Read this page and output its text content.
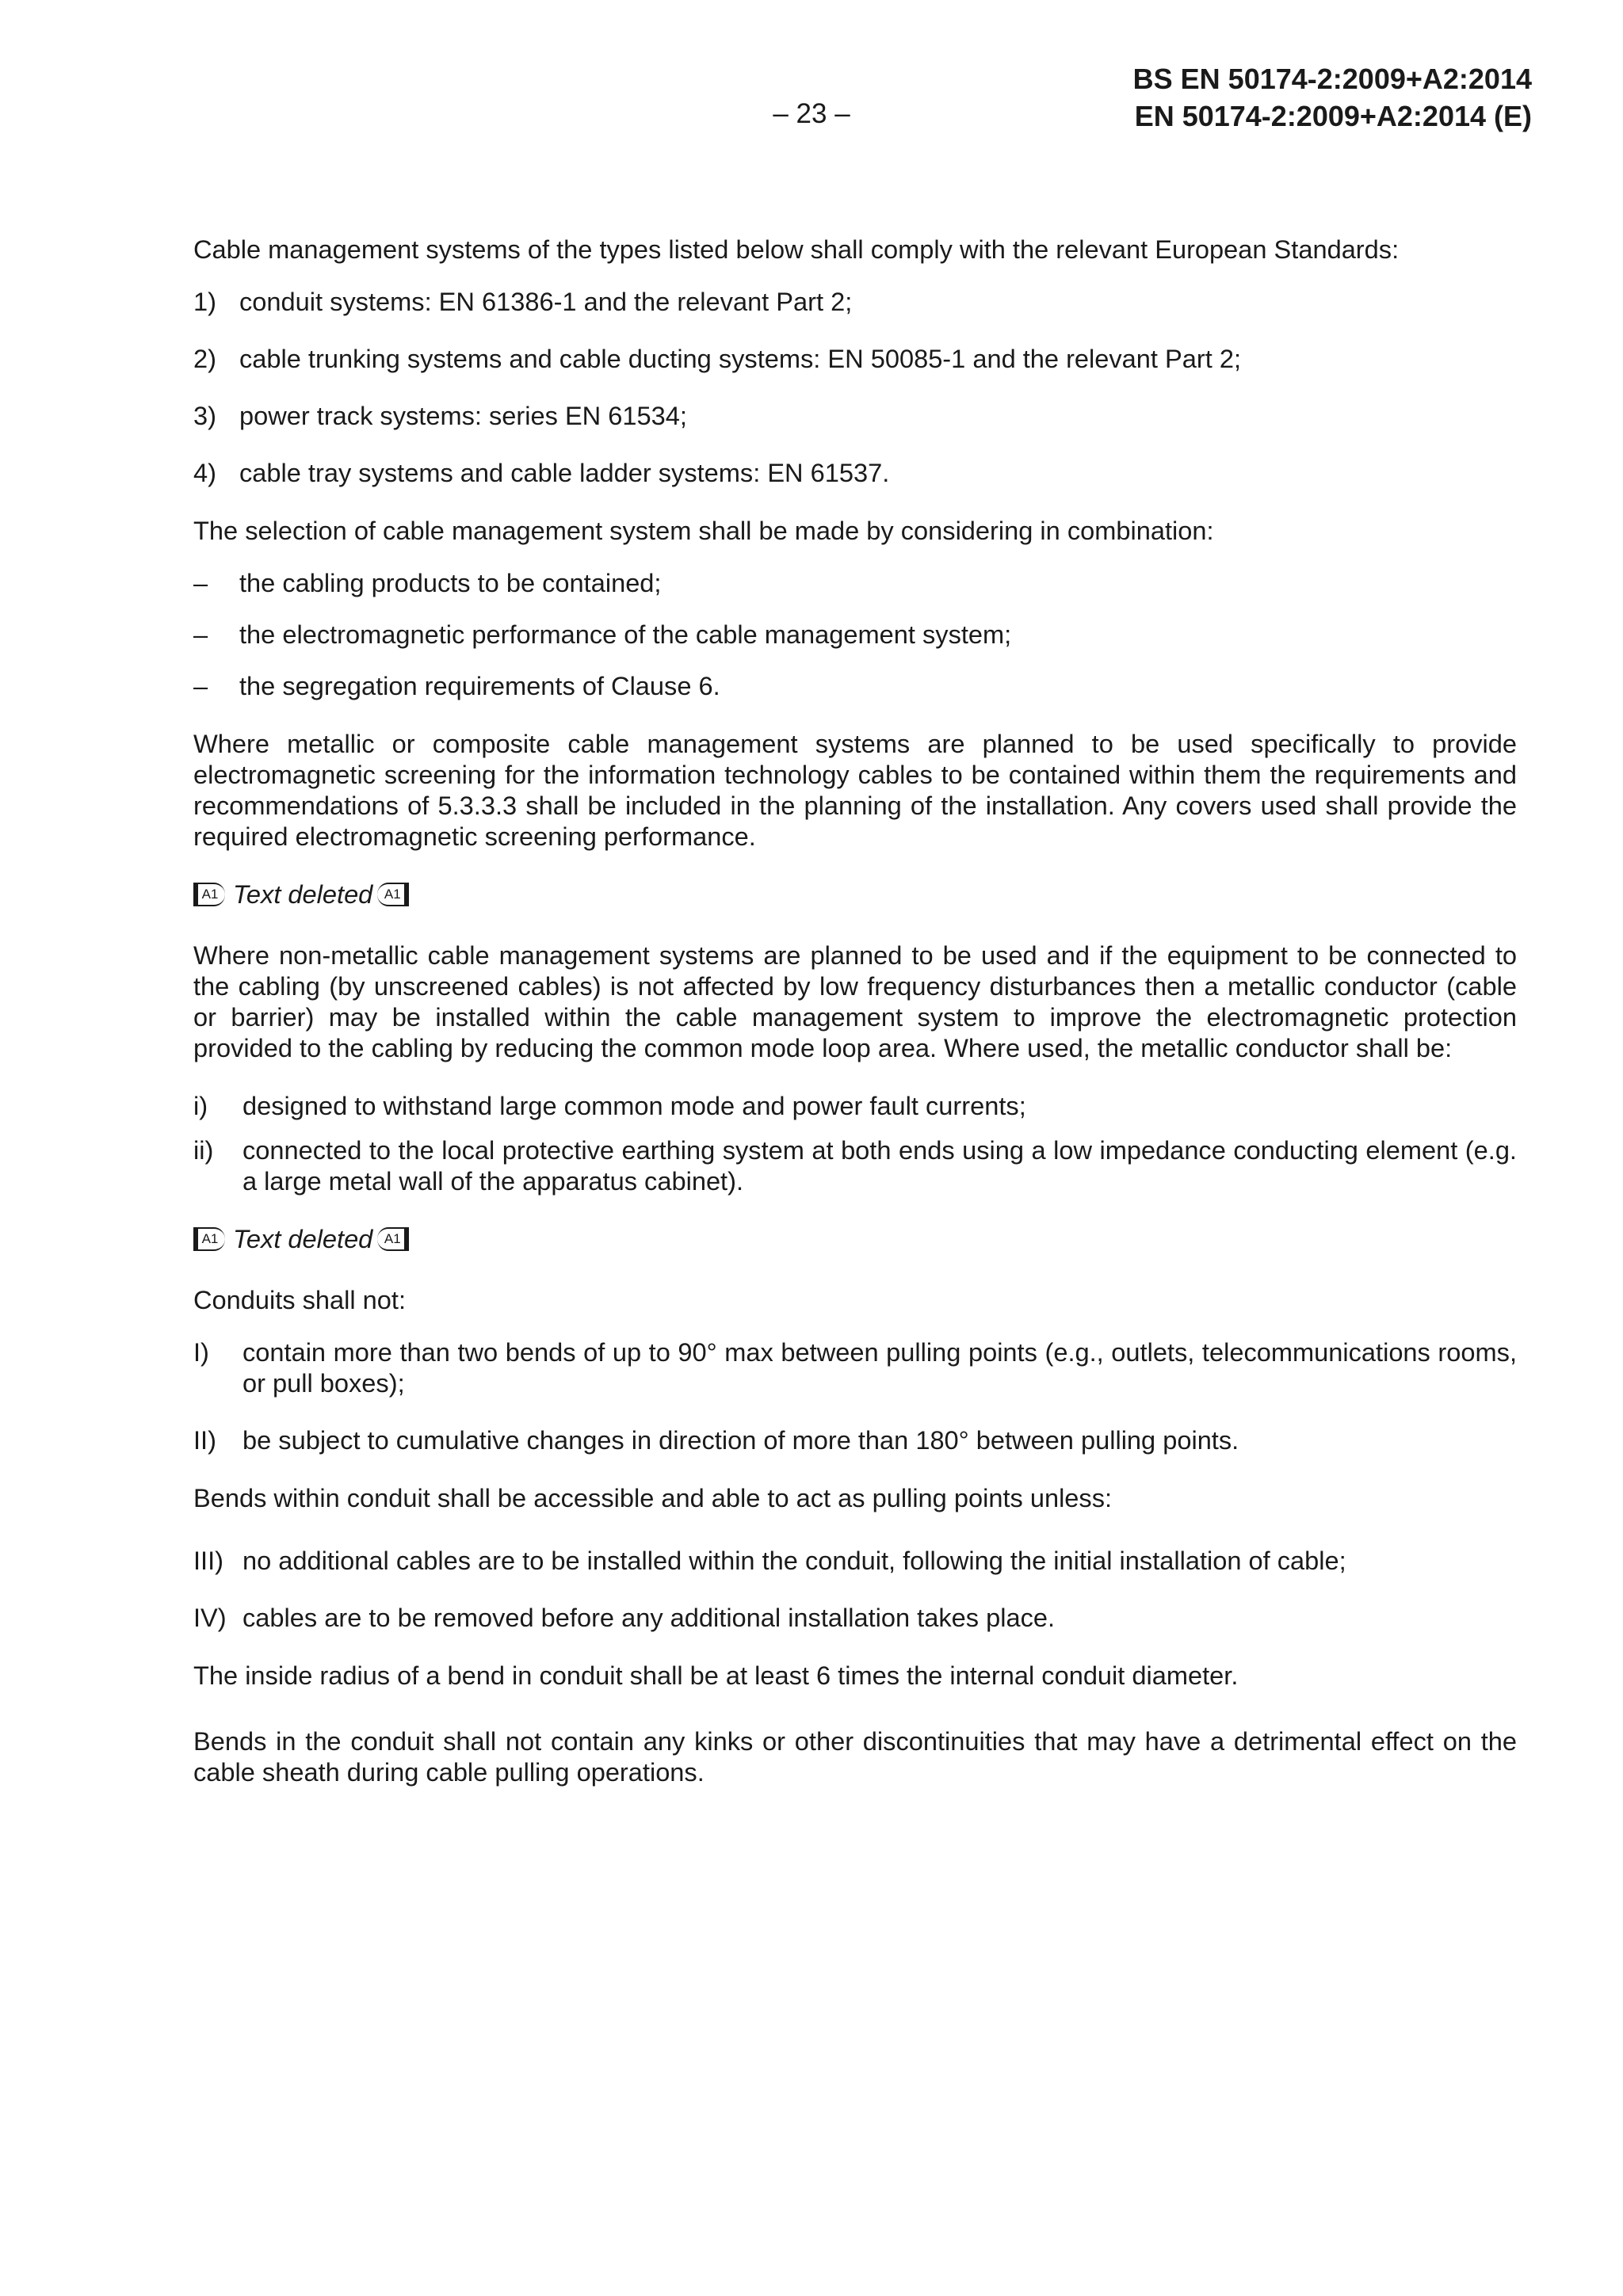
– 23 –
BS EN 50174-2:2009+A2:2014
EN 50174-2:2009+A2:2014 (E)

Cable management systems of the types listed below shall comply with the relevant European Standards:

1) conduit systems: EN 61386-1 and the relevant Part 2;
2) cable trunking systems and cable ducting systems: EN 50085-1 and the relevant Part 2;
3) power track systems: series EN 61534;
4) cable tray systems and cable ladder systems: EN 61537.

The selection of cable management system shall be made by considering in combination:

–	the cabling products to be contained;
–	the electromagnetic performance of the cable management system;
–	the segregation requirements of Clause 6.

Where metallic or composite cable management systems are planned to be used specifically to provide electromagnetic screening for the information technology cables to be contained within them the requirements and recommendations of 5.3.3.3 shall be included in the planning of the installation. Any covers used shall provide the required electromagnetic screening performance.

A1 Text deleted A1

Where non-metallic cable management systems are planned to be used and if the equipment to be connected to the cabling (by unscreened cables) is not affected by low frequency disturbances then a metallic conductor (cable or barrier) may be installed within the cable management system to improve the electromagnetic protection provided to the cabling by reducing the common mode loop area. Where used, the metallic conductor shall be:

i)	designed to withstand large common mode and power fault currents;
ii)	connected to the local protective earthing system at both ends using a low impedance conducting element (e.g. a large metal wall of the apparatus cabinet).
A1 Text deleted A1

Conduits shall not:

I)	contain more than two bends of up to 90° max between pulling points (e.g., outlets, telecommunications rooms, or pull boxes);
II)	be subject to cumulative changes in direction of more than 180° between pulling points.

Bends within conduit shall be accessible and able to act as pulling points unless:

III) no additional cables are to be installed within the conduit, following the initial installation of cable;
IV) cables are to be removed before any additional installation takes place.

The inside radius of a bend in conduit shall be at least 6 times the internal conduit diameter.

Bends in the conduit shall not contain any kinks or other discontinuities that may have a detrimental effect on the cable sheath during cable pulling operations.
